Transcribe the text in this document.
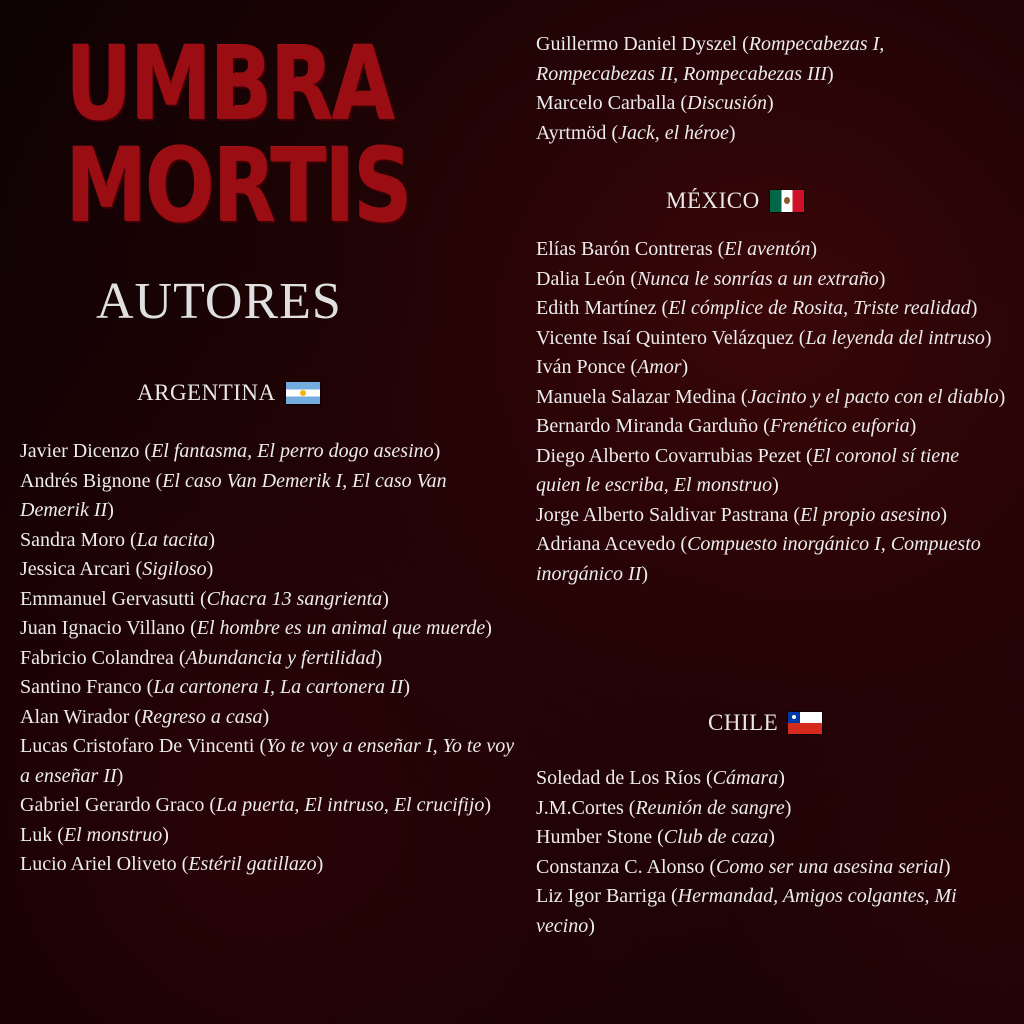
UMBRA
MORTIS
AUTORES
ARGENTINA
Javier Dicenzo (El fantasma, El perro dogo asesino)
Andrés Bignone (El caso Van Demerik I, El caso Van Demerik II)
Sandra Moro (La tacita)
Jessica Arcari (Sigiloso)
Emmanuel Gervasutti (Chacra 13 sangrienta)
Juan Ignacio Villano (El hombre es un animal que muerde)
Fabricio Colandrea (Abundancia y fertilidad)
Santino Franco (La cartonera I, La cartonera II)
Alan Wirador (Regreso a casa)
Lucas Cristofaro De Vincenti (Yo te voy a enseñar I, Yo te voy a enseñar II)
Gabriel Gerardo Graco (La puerta, El intruso, El crucifijo)
Luk (El monstruo)
Lucio Ariel Oliveto (Estéril gatillazo)
Guillermo Daniel Dyszel (Rompecabezas I, Rompecabezas II, Rompecabezas III)
Marcelo Carballa (Discusión)
Ayrtmöd (Jack, el héroe)
MÉXICO
Elías Barón Contreras (El aventón)
Dalia León (Nunca le sonrías a un extraño)
Edith Martínez (El cómplice de Rosita, Triste realidad)
Vicente Isaí Quintero Velázquez (La leyenda del intruso)
Iván Ponce (Amor)
Manuela Salazar Medina (Jacinto y el pacto con el diablo)
Bernardo Miranda Garduño (Frenético euforia)
Diego Alberto Covarrubias Pezet (El coronol sí tiene quien le escriba, El monstruo)
Jorge Alberto Saldivar Pastrana (El propio asesino)
Adriana Acevedo (Compuesto inorgánico I, Compuesto inorgánico II)
CHILE
Soledad de Los Ríos (Cámara)
J.M.Cortes (Reunión de sangre)
Humber Stone (Club de caza)
Constanza C. Alonso (Como ser una asesina serial)
Liz Igor Barriga (Hermandad, Amigos colgantes, Mi vecino)
